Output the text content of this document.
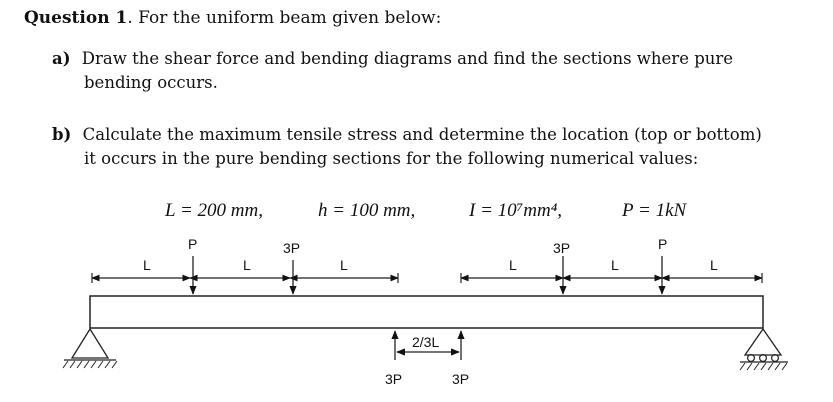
Question 1. For the uniform beam given below:
a) Draw the shear force and bending diagrams and find the sections where pure
bending occurs.
b) Calculate the maximum tensile stress and determine the location (top or bottom)
it occurs in the pure bending sections for the following numerical values:
L = 200 mm,	h = 100 mm,	I = 10⁷mm⁴,	P = 1kN
L	L	L	L	L	L
P	3P	3P	P
2/3L
3P	3P
